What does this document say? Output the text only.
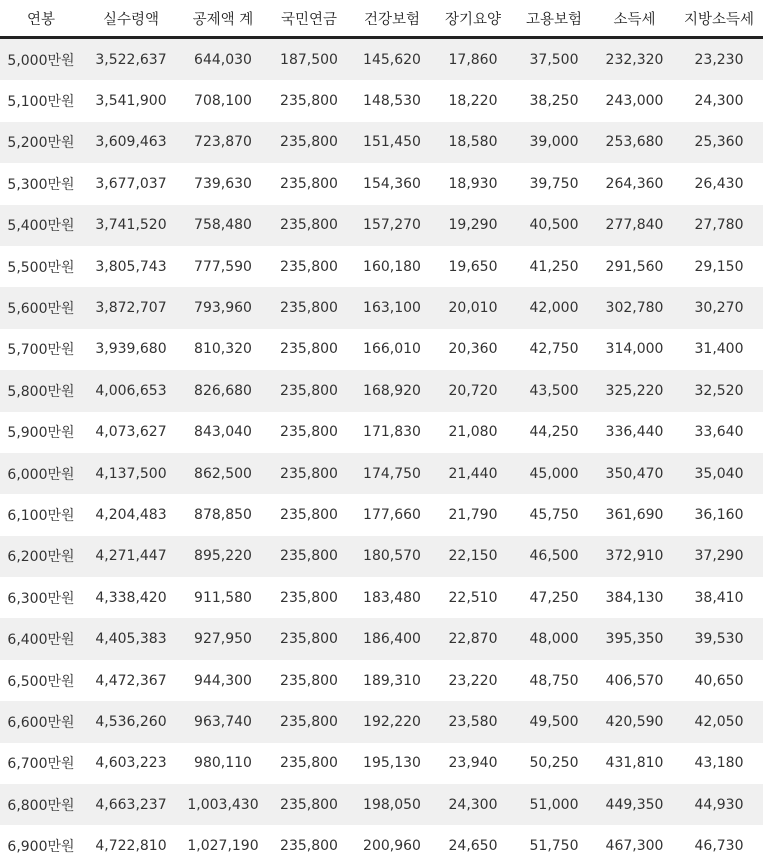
연봉	실수령액	공제액 계	국민연금	건강보험	장기요양	고용보험	소득세	지방소득세
5,000만원	3,522,637	644,030	187,500	145,620	17,860	37,500	232,320	23,230
5,100만원	3,541,900	708,100	235,800	148,530	18,220	38,250	243,000	24,300
5,200만원	3,609,463	723,870	235,800	151,450	18,580	39,000	253,680	25,360
5,300만원	3,677,037	739,630	235,800	154,360	18,930	39,750	264,360	26,430
5,400만원	3,741,520	758,480	235,800	157,270	19,290	40,500	277,840	27,780
5,500만원	3,805,743	777,590	235,800	160,180	19,650	41,250	291,560	29,150
5,600만원	3,872,707	793,960	235,800	163,100	20,010	42,000	302,780	30,270
5,700만원	3,939,680	810,320	235,800	166,010	20,360	42,750	314,000	31,400
5,800만원	4,006,653	826,680	235,800	168,920	20,720	43,500	325,220	32,520
5,900만원	4,073,627	843,040	235,800	171,830	21,080	44,250	336,440	33,640
6,000만원	4,137,500	862,500	235,800	174,750	21,440	45,000	350,470	35,040
6,100만원	4,204,483	878,850	235,800	177,660	21,790	45,750	361,690	36,160
6,200만원	4,271,447	895,220	235,800	180,570	22,150	46,500	372,910	37,290
6,300만원	4,338,420	911,580	235,800	183,480	22,510	47,250	384,130	38,410
6,400만원	4,405,383	927,950	235,800	186,400	22,870	48,000	395,350	39,530
6,500만원	4,472,367	944,300	235,800	189,310	23,220	48,750	406,570	40,650
6,600만원	4,536,260	963,740	235,800	192,220	23,580	49,500	420,590	42,050
6,700만원	4,603,223	980,110	235,800	195,130	23,940	50,250	431,810	43,180
6,800만원	4,663,237	1,003,430	235,800	198,050	24,300	51,000	449,350	44,930
6,900만원	4,722,810	1,027,190	235,800	200,960	24,650	51,750	467,300	46,730
